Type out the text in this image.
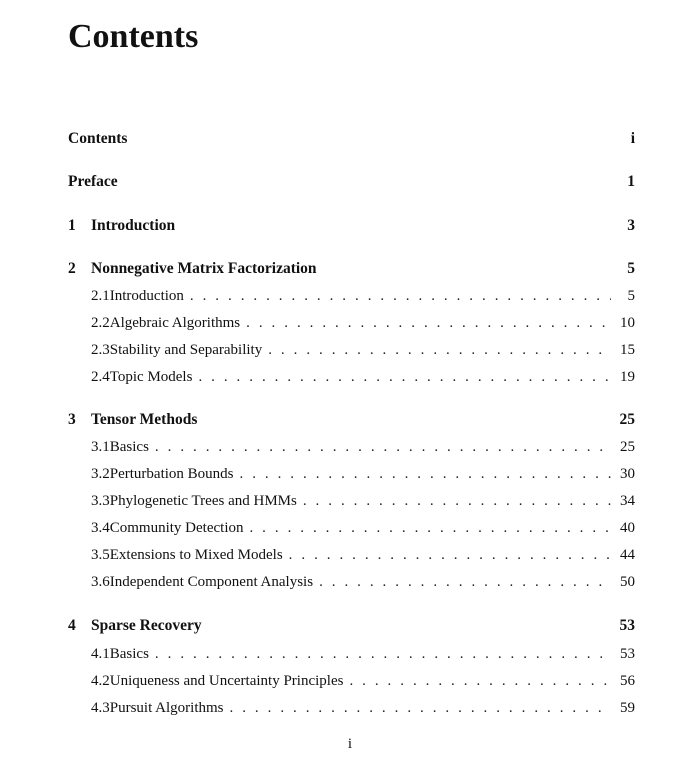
Contents
Contents	i
Preface	1
1 Introduction	3
2 Nonnegative Matrix Factorization	5
2.1 Introduction . . .	5
2.2 Algebraic Algorithms . . .	10
2.3 Stability and Separability . . .	15
2.4 Topic Models . . .	19
3 Tensor Methods	25
3.1 Basics . . .	25
3.2 Perturbation Bounds . . .	30
3.3 Phylogenetic Trees and HMMs . . .	34
3.4 Community Detection . . .	40
3.5 Extensions to Mixed Models . . .	44
3.6 Independent Component Analysis . . .	50
4 Sparse Recovery	53
4.1 Basics . . .	53
4.2 Uniqueness and Uncertainty Principles . . .	56
4.3 Pursuit Algorithms . . .	59
i
